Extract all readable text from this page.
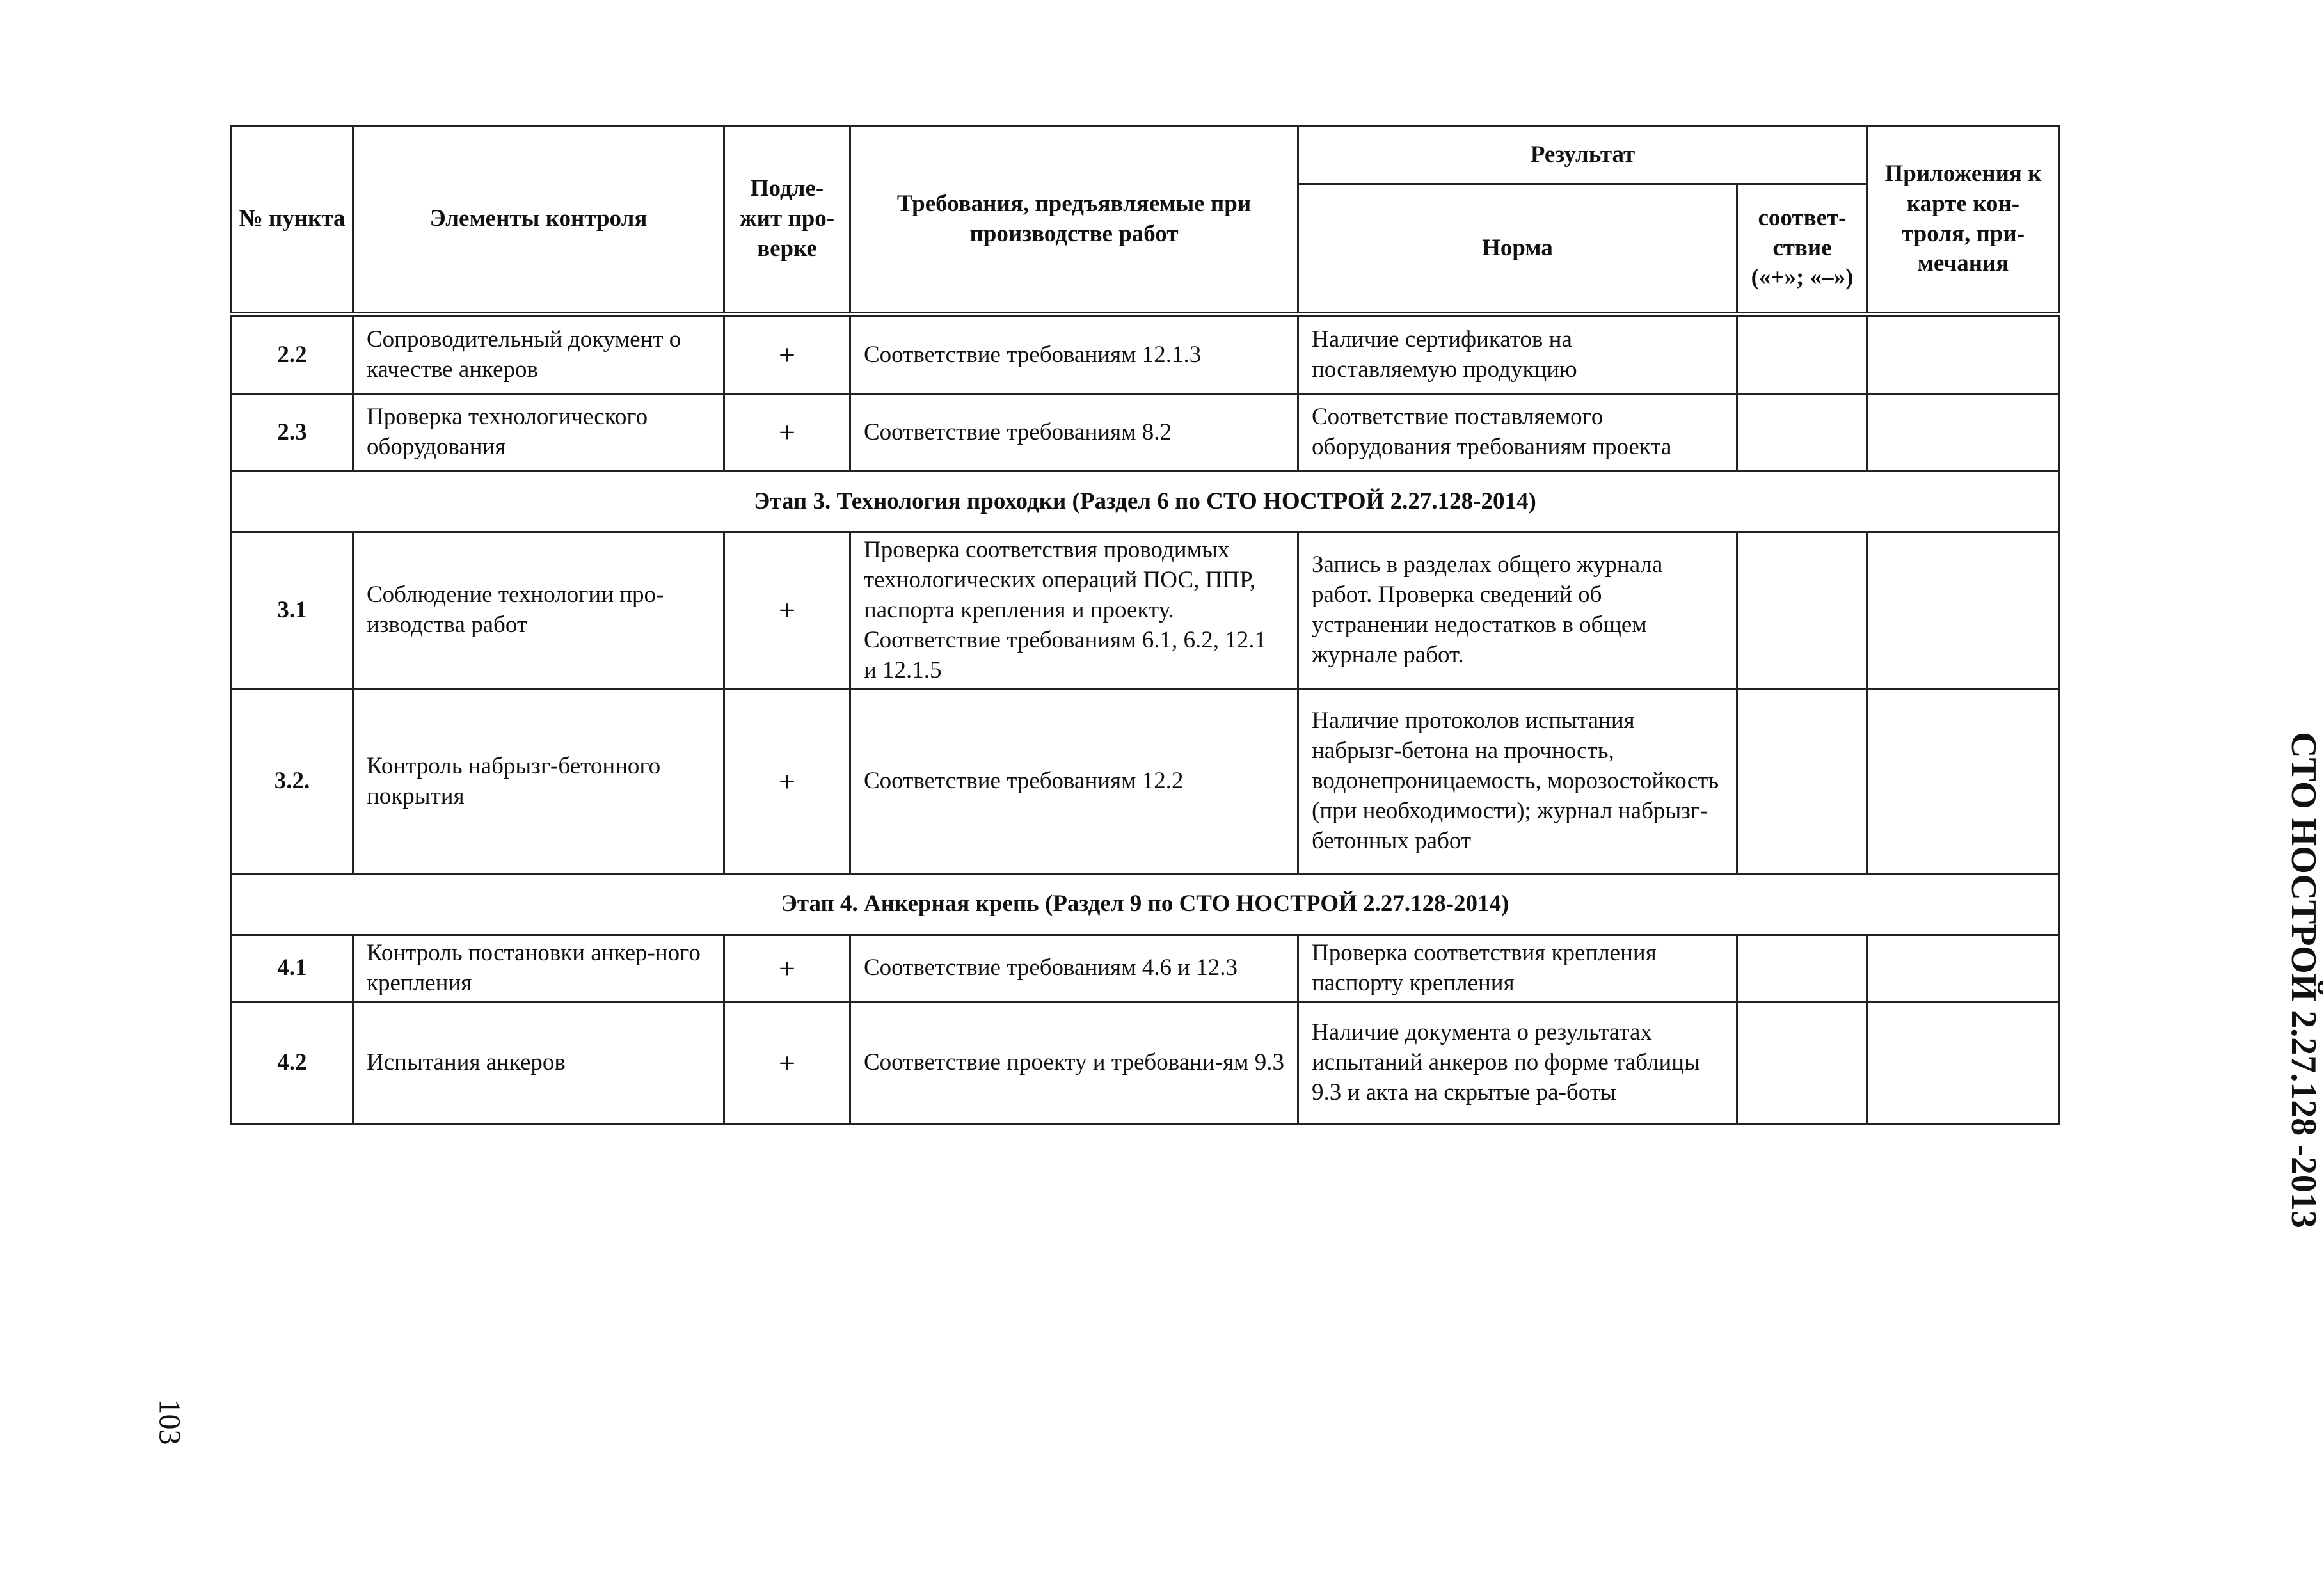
№ пункта	Элементы контроля	Подле-жит про-верке	Требования, предъявляемые при производстве работ	Результат		Приложения к карте кон-троля, при-мечания
				Норма	соответ-ствие («+»; «–»)	
2.2	Сопроводительный документ о качестве анкеров	+	Соответствие требованиям 12.1.3	Наличие сертификатов на поставляемую продукцию		
2.3	Проверка технологического оборудования	+	Соответствие требованиям 8.2	Соответствие поставляемого оборудования требованиям проекта		
Этап 3. Технология проходки (Раздел 6 по СТО НОСТРОЙ 2.27.128-2014)						
3.1	Соблюдение технологии про-изводства работ	+	Проверка соответствия проводимых технологических операций ПОС, ППР, паспорта крепления и проекту. Соответствие требованиям 6.1, 6.2, 12.1 и 12.1.5	Запись в разделах общего журнала работ. Проверка сведений об устранении недостатков в общем журнале работ.		
3.2.	Контроль набрызг-бетонного покрытия	+	Соответствие требованиям 12.2	Наличие протоколов испытания набрызг-бетона на прочность, водонепроницаемость, морозостойкость (при необходимости); журнал набрызг-бетонных работ		
Этап 4. Анкерная крепь (Раздел 9 по СТО НОСТРОЙ 2.27.128-2014)						
4.1	Контроль постановки анкер-ного крепления	+	Соответствие требованиям 4.6 и 12.3	Проверка соответствия крепления паспорту крепления		
4.2	Испытания анкеров	+	Соответствие проекту и требовани-ям 9.3	Наличие документа о результатах испытаний анкеров по форме таблицы 9.3 и акта на скрытые ра-боты			СТО НОСТРОЙ 2.27.128 -2013
103
